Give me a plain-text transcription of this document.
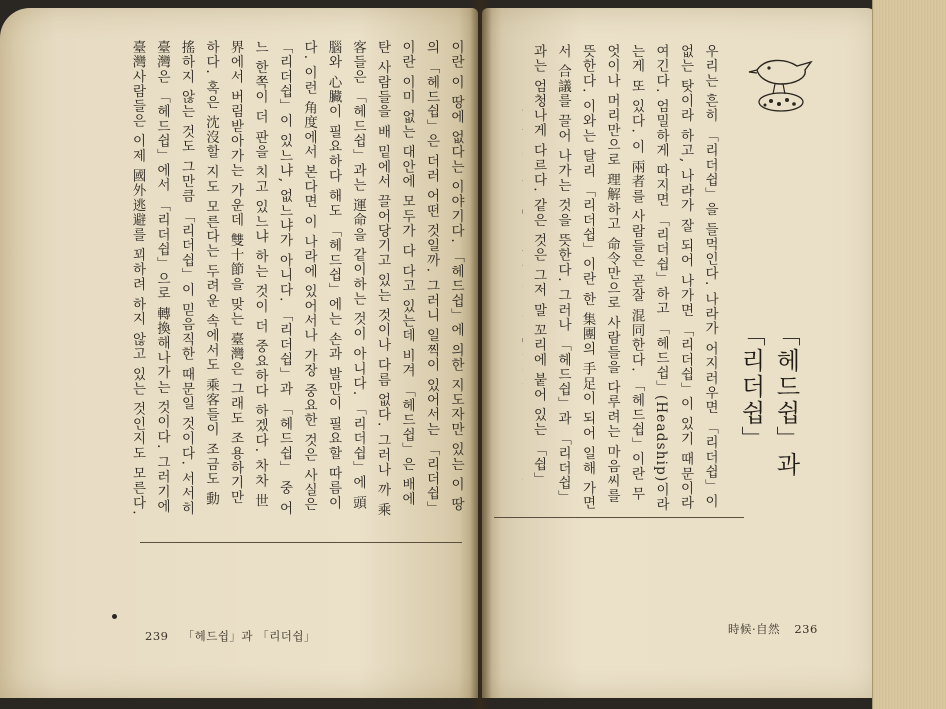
이란 이 땅에 없다는 이야기다. 「헤드쉽」에 의한 지도자만 있는 이 땅의 「헤드쉽」은 더러 어떤 것일까. 그러니 일찍이 있어서는 「리더쉽」이란 이미 없는 대안에 모두가 다 다고 있는데 비겨 「헤드쉽」은 배에 탄 사람들을 배 밑에서 끌어당기고 있는 것이나 다름 없다. 그러나 까 乘客들은 「헤드쉽」과는 運命을 같이하는 것이 아니다. 「리더쉽」에 頭腦와 心臟이 필요하다 해도 「헤드쉽」에는 손과 발만이 필요할 따름이다. 이런 角度에서 본다면 이 나라에 있어서나 가장 중요한 것은 사실은 「리더쉽」이 있느냐, 없느냐가 아니다. 「리더쉽」과 「헤드쉽」 중 어느 한쪽이 더 판을 치고 있느냐 하는 것이 더 중요하다 하겠다. 차차 世界에서 버림받아가는 가운데 雙十節을 맞는 臺灣은 그래도 조용하기만 하다. 혹은 沈沒할 지도 모른다는 두려운 속에서도 乘客들이 조금도 動搖하지 않는 것도 그만큼 「리더쉽」이 믿음직한 때문일 것이다. 서서히 臺灣은 「헤드쉽」에서 「리더쉽」으로 轉換해나가는 것이다. 그러기에 臺灣사람들은 이제 國外逃避를 꾀하려 하지 않고 있는 것인지도 모른다.
239 「헤드쉽」과 「리더쉽」
우리는 흔히 「리더쉽」을 들먹인다. 나라가 어지러우면 「리더쉽」이 없는 탓이라 하고, 나라가 잘 되어 나가면 「리더쉽」이 있기 때문이라 여긴다. 엄밀하게 따지면 「리더쉽」하고 「헤드쉽」(Headship)이라는게 또 있다. 이 兩者를 사람들은 곧잘 混同한다. 「헤드쉽」이란 무엇이나 머리만으로 理解하고 命令만으로 사람들을 다루려는 마음씨를 뜻한다. 이와는 달리 「리더쉽」이란 한 集團의 手足이 되어 일해 가면서 合議를 끌어 나가는 것을 뜻한다. 그러나 「헤드쉽」과 「리더쉽」과는 엄청나게 다르다. 같은 것은 그저 말 꼬리에 붙어 있는 「쉽」
「헤드쉽」과 「리더쉽」
時候·自然 236
